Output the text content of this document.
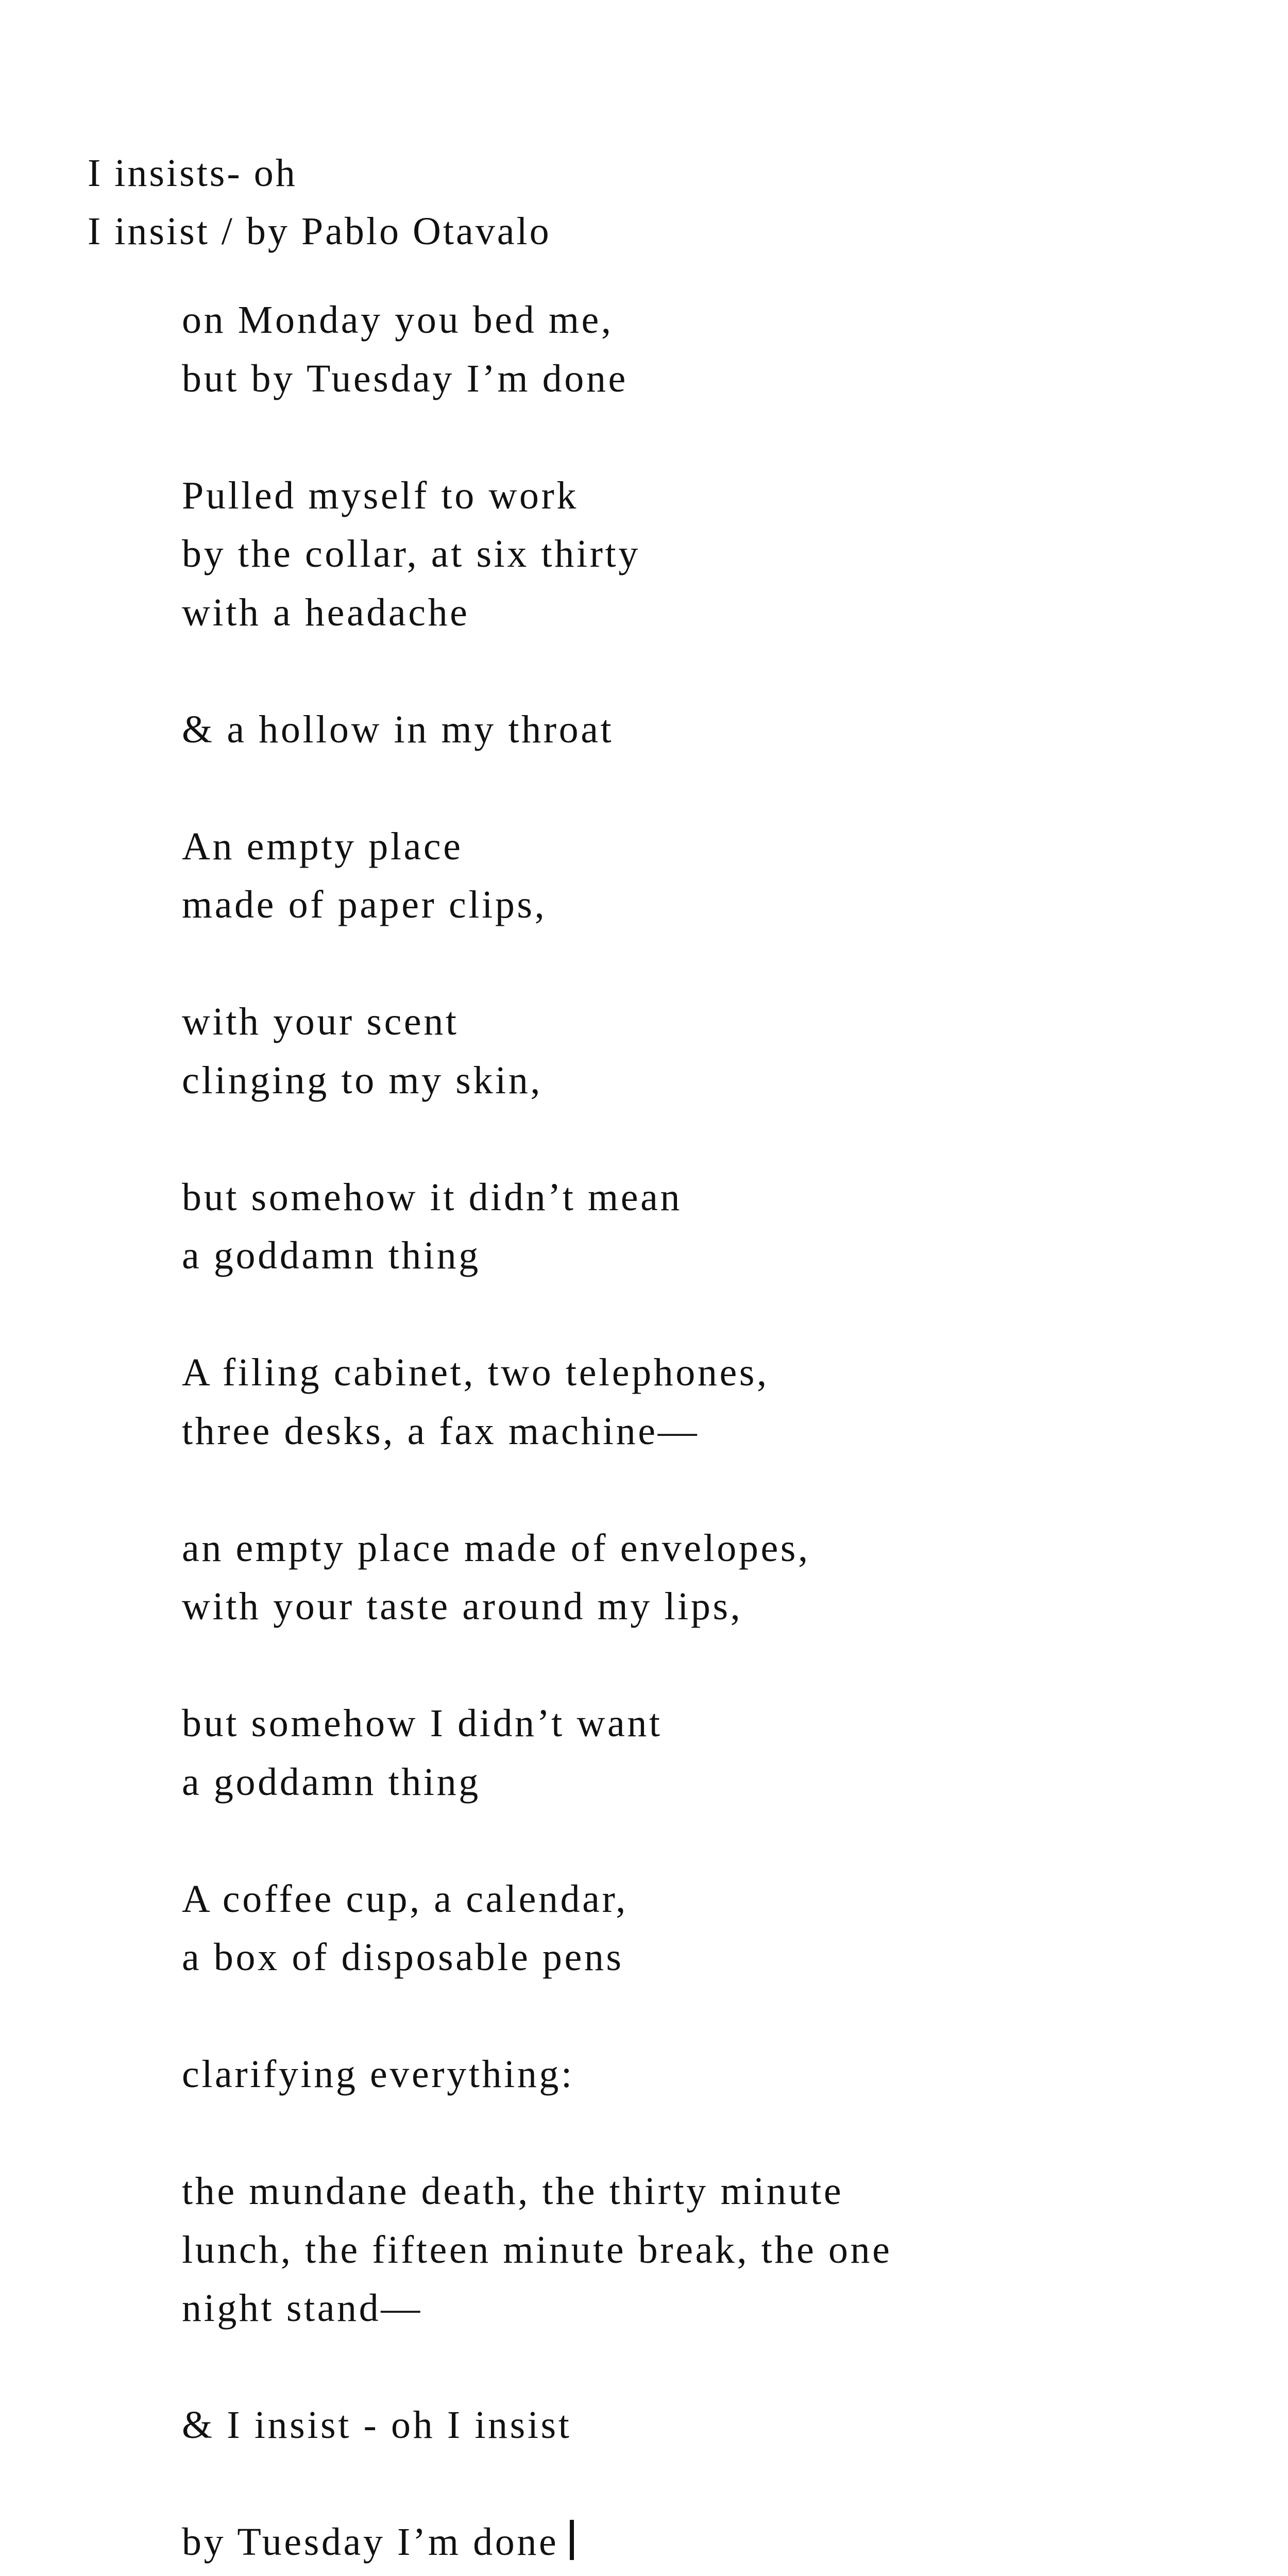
I insists- oh
I insist / by Pablo Otavalo
on Monday you bed me,
but by Tuesday I’m done
Pulled myself to work
by the collar, at six thirty
with a headache
& a hollow in my throat
An empty place
made of paper clips,
with your scent
clinging to my skin,
but somehow it didn’t mean
a goddamn thing
A filing cabinet, two telephones,
three desks, a fax machine—
an empty place made of envelopes,
with your taste around my lips,
but somehow I didn’t want
a goddamn thing
A coffee cup, a calendar,
a box of disposable pens
clarifying everything:
the mundane death, the thirty minute
lunch, the fifteen minute break, the one
night stand—
& I insist - oh I insist
by Tuesday I’m done
